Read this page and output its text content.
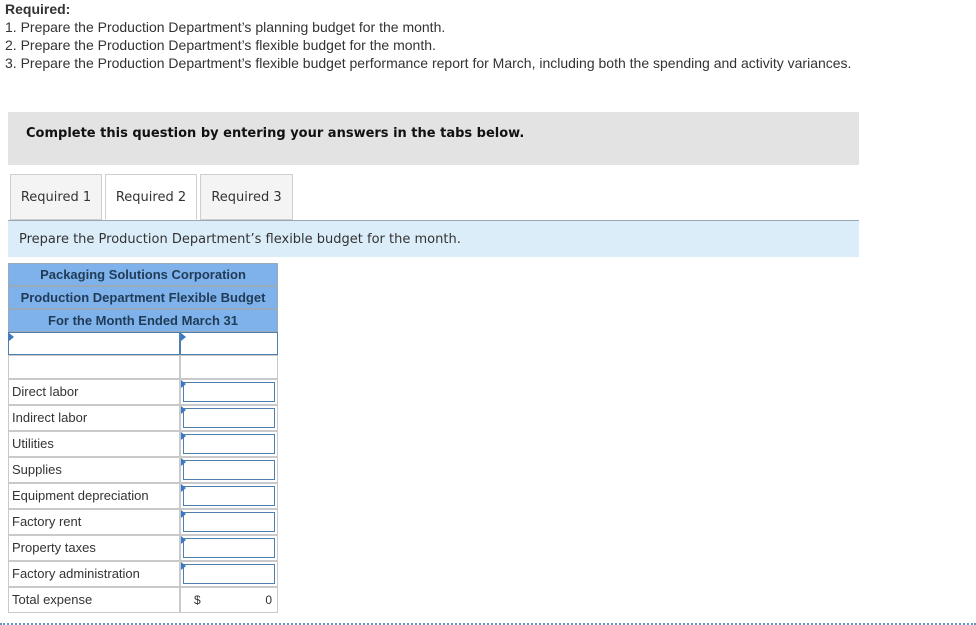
Required:
1. Prepare the Production Department’s planning budget for the month.
2. Prepare the Production Department’s flexible budget for the month.
3. Prepare the Production Department’s flexible budget performance report for March, including both the spending and activity variances.
Complete this question by entering your answers in the tabs below.
Required 1	Required 2	Required 3
Prepare the Production Department’s flexible budget for the month.
Packaging Solutions Corporation
Production Department Flexible Budget
For the Month Ended March 31
Direct labor
Indirect labor
Utilities
Supplies
Equipment depreciation
Factory rent
Property taxes
Factory administration
Total expense	$	0
